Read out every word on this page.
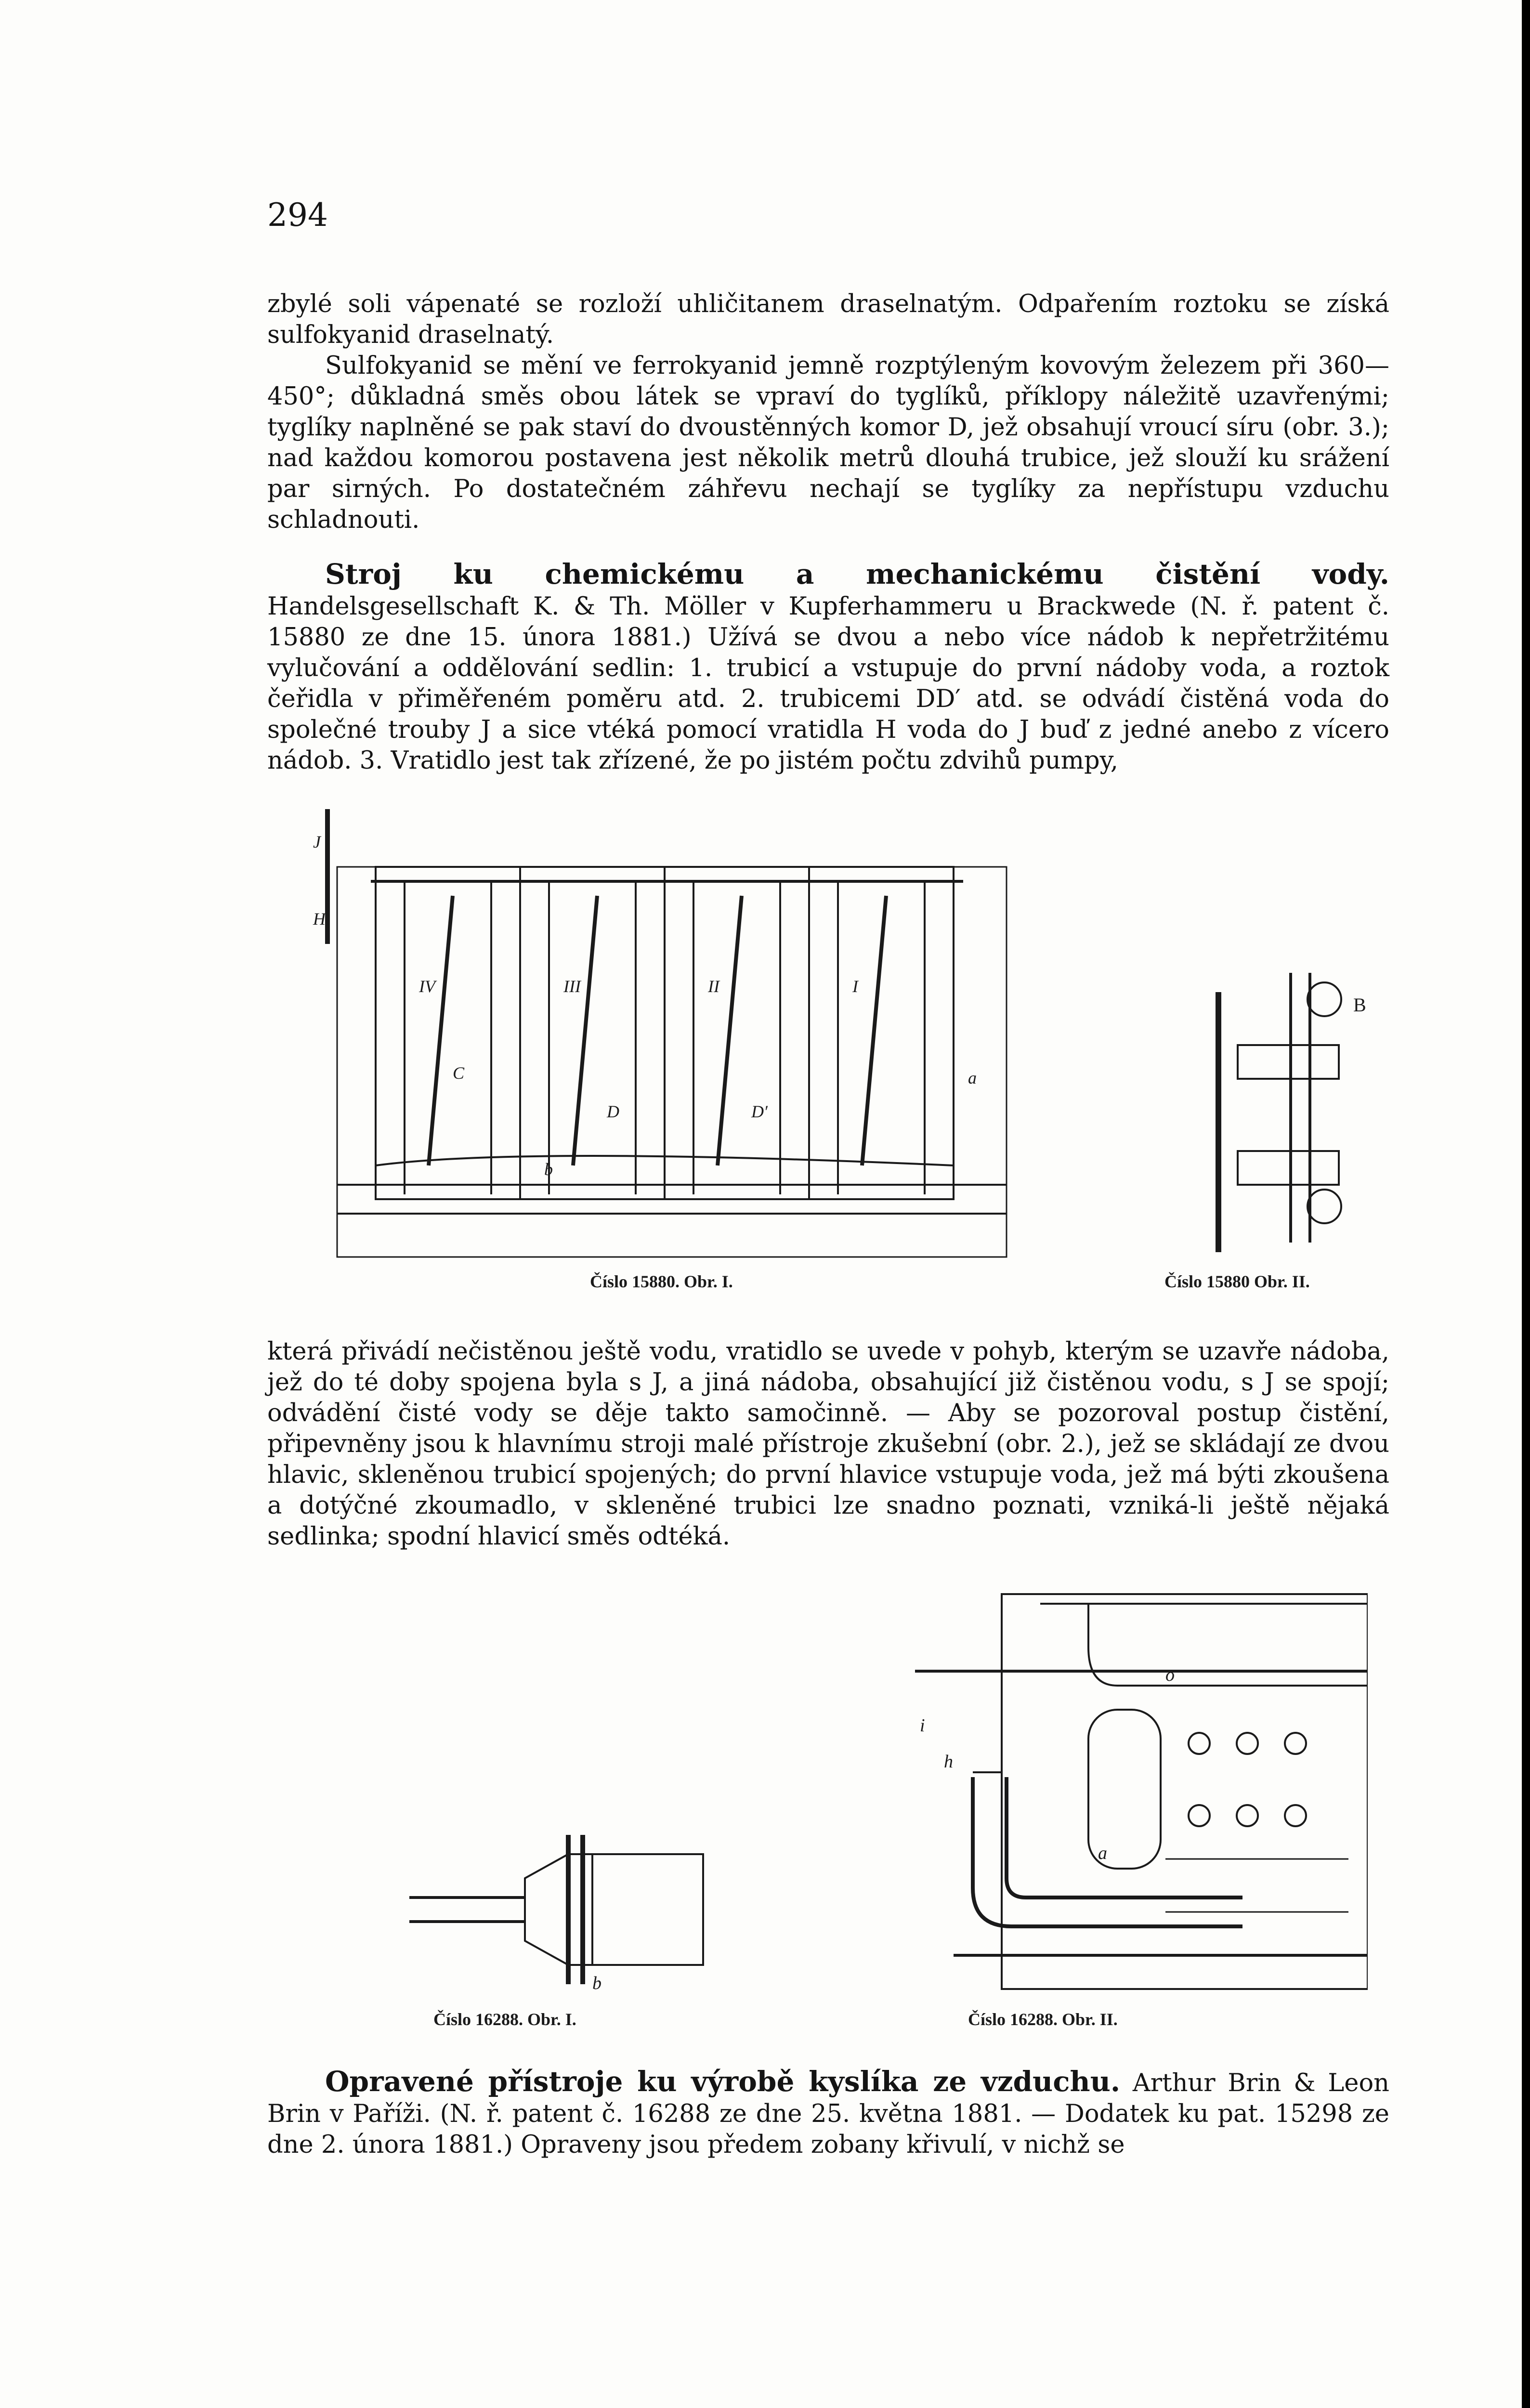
294

zbylé soli vápenaté se rozloží uhličitanem draselnatým. Odpařením roztoku se získá sulfokyanid draselnatý.

Sulfokyanid se mění ve ferrokyanid jemně rozptýleným kovovým železem při 360—450°; důkladná směs obou látek se vpraví do tyglíků, příklopy náležitě uzavřenými; tyglíky naplněné se pak staví do dvoustěnných komor D, jež obsahují vroucí síru (obr. 3.); nad každou komorou postavena jest několik metrů dlouhá trubice, jež slouží ku srážení par sirných. Po dostatečném záhřevu nechají se tyglíky za nepřístupu vzduchu schladnouti.

Stroj ku chemickému a mechanickému čistění vody. Handelsgesellschaft K. & Th. Möller v Kupferhammeru u Brackwede (N. ř. patent č. 15880 ze dne 15. února 1881.) Užívá se dvou a nebo více nádob k nepřetržitému vylučování a oddělování sedlin: 1. trubicí a vstupuje do první nádoby voda, a roztok čeřidla v přiměřeném poměru atd. 2. trubicemi DD′ atd. se odvádí čistěná voda do společné trouby J a sice vtéká pomocí vratidla H voda do J buď z jedné anebo z vícero nádob. 3. Vratidlo jest tak zřízené, že po jistém počtu zdvihů pumpy,

J
H
IV	III	II	I
a
C
D	D′
b
B
Číslo 15880. Obr. I.	Číslo 15880 Obr. II.

která přivádí nečistěnou ještě vodu, vratidlo se uvede v pohyb, kterým se uzavře nádoba, jež do té doby spojena byla s J, a jiná nádoba, obsahující již čistěnou vodu, s J se spojí; odvádění čisté vody se děje takto samočinně. — Aby se pozoroval postup čistění, připevněny jsou k hlavnímu stroji malé přístroje zkušební (obr. 2.), jež se skládají ze dvou hlavic, skleněnou trubicí spojených; do první hlavice vstupuje voda, jež má býti zkoušena a dotýčné zkoumadlo, v skleněné trubici lze snadno poznati, vzniká-li ještě nějaká sedlinka; spodní hlavicí směs odtéká.

b
i
h
o
a
Číslo 16288. Obr. I.	Číslo 16288. Obr. II.

Opravené přístroje ku výrobě kyslíka ze vzduchu. Arthur Brin & Leon Brin v Paříži. (N. ř. patent č. 16288 ze dne 25. května 1881. — Dodatek ku pat. 15298 ze dne 2. února 1881.) Opraveny jsou předem zobany křivulí, v nichž se
